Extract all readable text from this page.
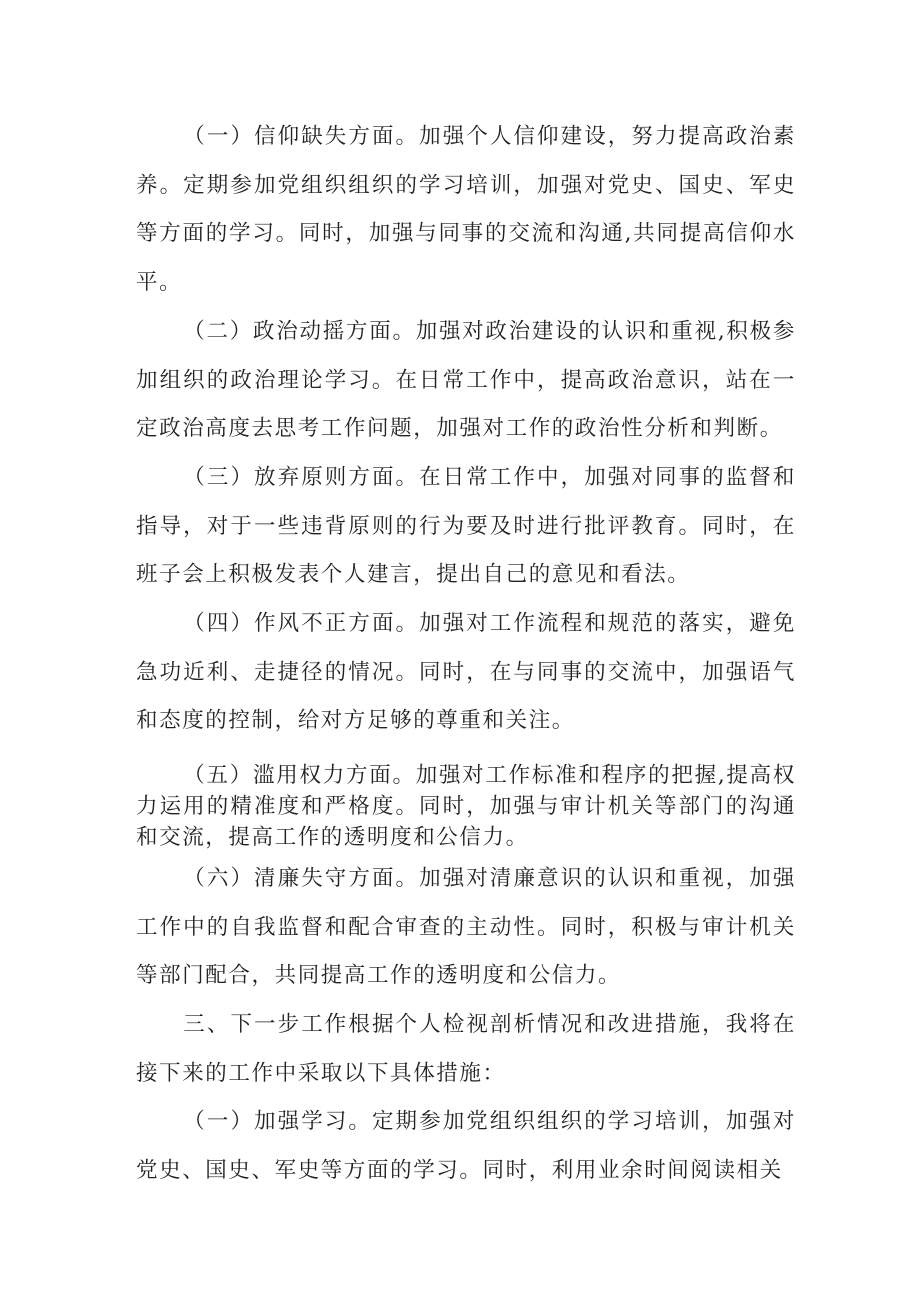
（一）信仰缺失方面。加强个人信仰建设，努力提高政治素养。定期参加党组织组织的学习培训，加强对党史、国史、军史等方面的学习。同时，加强与同事的交流和沟通,共同提高信仰水平。

（二）政治动摇方面。加强对政治建设的认识和重视,积极参加组织的政治理论学习。在日常工作中，提高政治意识，站在一定政治高度去思考工作问题，加强对工作的政治性分析和判断。

（三）放弃原则方面。在日常工作中，加强对同事的监督和指导，对于一些违背原则的行为要及时进行批评教育。同时，在班子会上积极发表个人建言，提出自己的意见和看法。

（四）作风不正方面。加强对工作流程和规范的落实，避免急功近利、走捷径的情况。同时，在与同事的交流中，加强语气和态度的控制，给对方足够的尊重和关注。

（五）滥用权力方面。加强对工作标准和程序的把握,提高权力运用的精准度和严格度。同时，加强与审计机关等部门的沟通和交流，提高工作的透明度和公信力。

（六）清廉失守方面。加强对清廉意识的认识和重视，加强工作中的自我监督和配合审查的主动性。同时，积极与审计机关等部门配合，共同提高工作的透明度和公信力。

三、下一步工作根据个人检视剖析情况和改进措施，我将在接下来的工作中采取以下具体措施：

（一）加强学习。定期参加党组织组织的学习培训，加强对党史、国史、军史等方面的学习。同时，利用业余时间阅读相关
